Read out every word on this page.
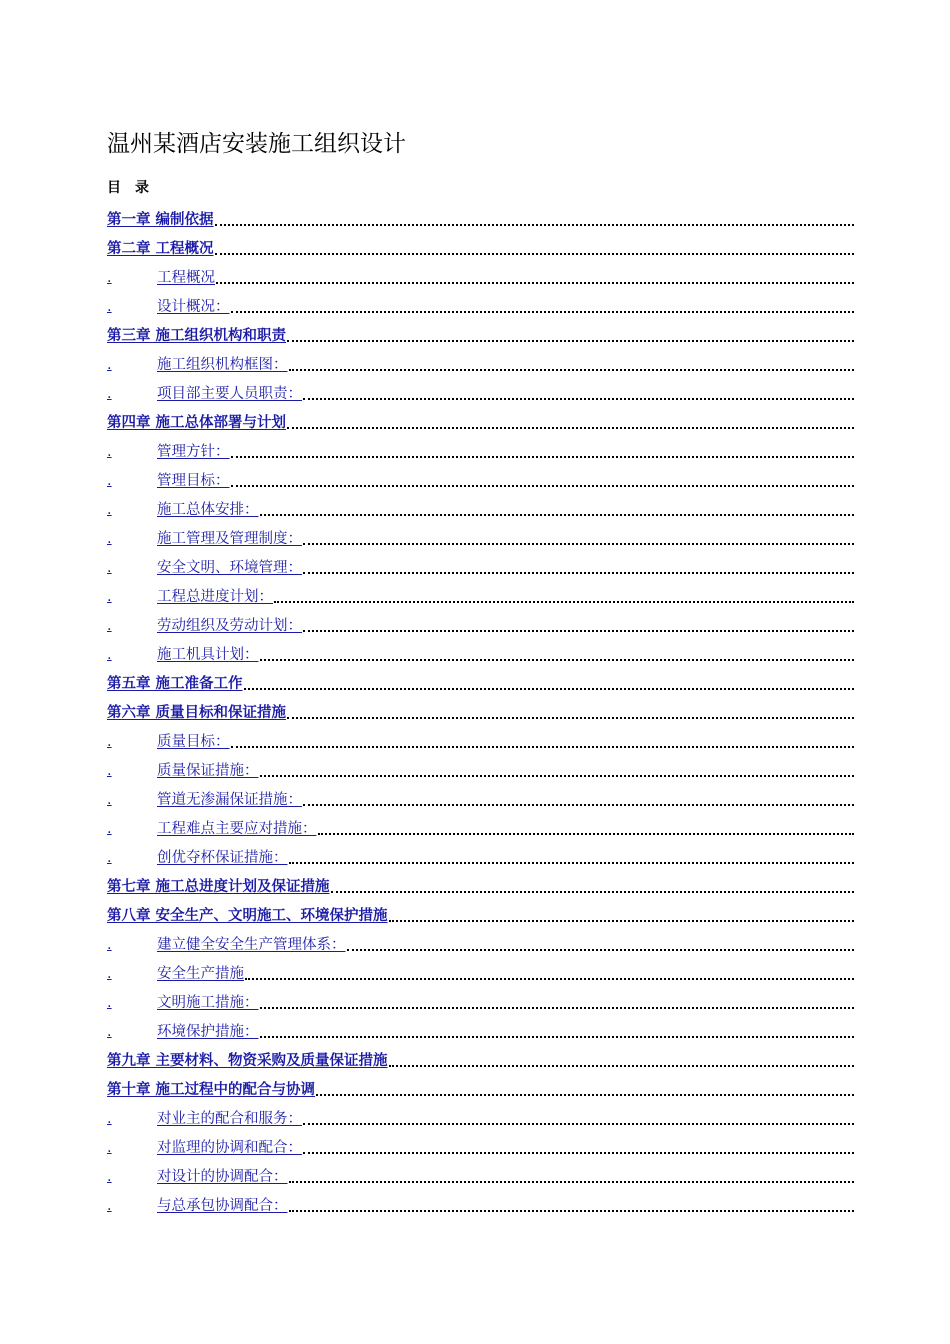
温州某酒店安装施工组织设计
目　录
第一章 编制依据
第二章 工程概况
.	工程概况
.	设计概况：
第三章 施工组织机构和职责
.	施工组织机构框图：
.	项目部主要人员职责：
第四章 施工总体部署与计划
.	管理方针：
.	管理目标：
.	施工总体安排：
.	施工管理及管理制度：
.	安全文明、环境管理：
.	工程总进度计划：
.	劳动组织及劳动计划：
.	施工机具计划：
第五章 施工准备工作
第六章 质量目标和保证措施
.	质量目标：
.	质量保证措施：
.	管道无渗漏保证措施：
.	工程难点主要应对措施：
.	创优夺杯保证措施：
第七章 施工总进度计划及保证措施
第八章 安全生产、文明施工、环境保护措施
.	建立健全安全生产管理体系：
.	安全生产措施
.	文明施工措施：
.	环境保护措施：
第九章 主要材料、物资采购及质量保证措施
第十章 施工过程中的配合与协调
.	对业主的配合和服务：
.	对监理的协调和配合：
.	对设计的协调配合：
.	与总承包协调配合：
